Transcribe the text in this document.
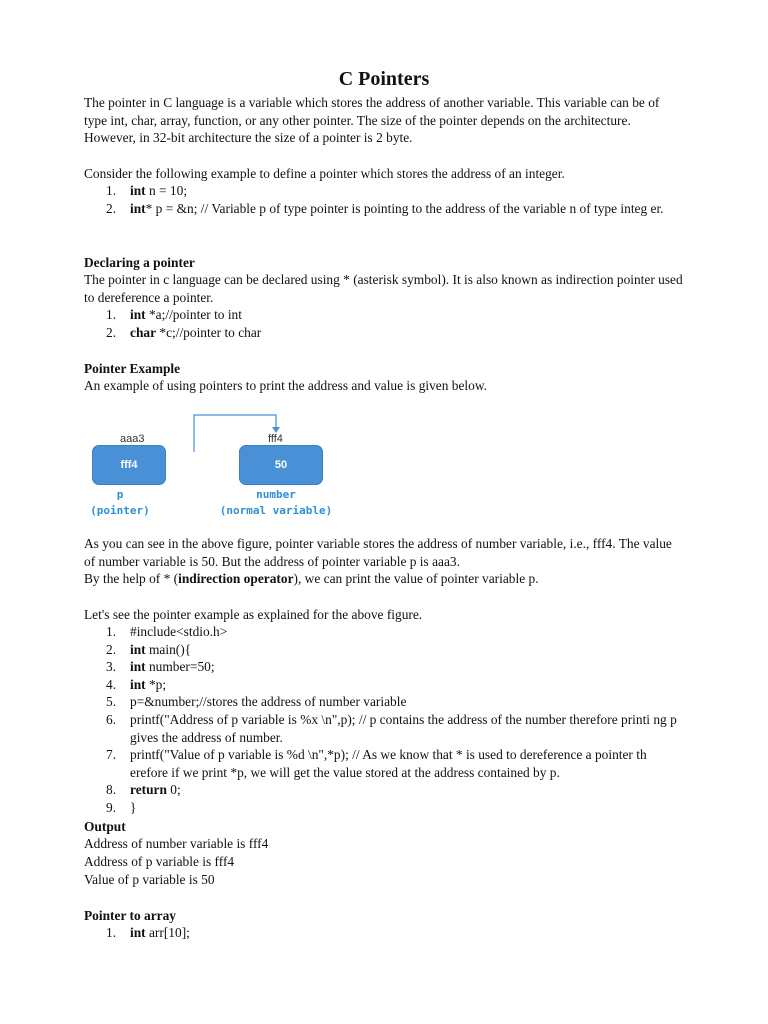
C Pointers
The pointer in C language is a variable which stores the address of another variable. This variable can be of type int, char, array, function, or any other pointer. The size of the pointer depends on the architecture. However, in 32-bit architecture the size of a pointer is 2 byte.
Consider the following example to define a pointer which stores the address of an integer.
1. int n = 10;
2. int* p = &n; // Variable p of type pointer is pointing to the address of the variable n of type integ er.
Declaring a pointer
The pointer in c language can be declared using * (asterisk symbol). It is also known as indirection pointer used to dereference a pointer.
1. int *a;//pointer to int
2. char *c;//pointer to char
Pointer Example
An example of using pointers to print the address and value is given below.
aaa3
fff4
fff4
50
p
(pointer)
number
(normal variable)
As you can see in the above figure, pointer variable stores the address of number variable, i.e., fff4. The value of number variable is 50. But the address of pointer variable p is aaa3.
By the help of * (indirection operator), we can print the value of pointer variable p.
Let's see the pointer example as explained for the above figure.
1. #include<stdio.h>
2. int main(){
3. int number=50;
4. int *p;
5. p=&number;//stores the address of number variable
6. printf("Address of p variable is %x \n",p); // p contains the address of the number therefore printi ng p gives the address of number.
7. printf("Value of p variable is %d \n",*p); // As we know that * is used to dereference a pointer th erefore if we print *p, we will get the value stored at the address contained by p.
8. return 0;
9. }
Output
Address of number variable is fff4
Address of p variable is fff4
Value of p variable is 50
Pointer to array
1. int arr[10];
